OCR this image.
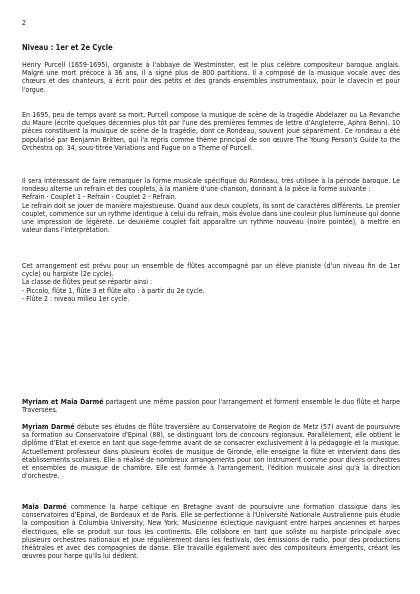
2
Niveau : 1er et 2e Cycle

Henry Purcell (1659-1695), organiste à l'abbaye de Westminster, est le plus célèbre compositeur baroque anglais. Malgré une mort précoce à 36 ans, il a signé plus de 800 partitions. Il a composé de la musique vocale avec des chœurs et des chanteurs, a écrit pour des petits et des grands ensembles instrumentaux, pour le clavecin et pour l'orgue.

En 1695, peu de temps avant sa mort, Purcell compose la musique de scène de la tragédie Abdelazer ou La Revanche du Maure (écrite quelques décennies plus tôt par l'une des premières femmes de lettre d'Angleterre, Aphra Behn). 10 pièces constituent la musique de scène de la tragédie, dont ce Rondeau, souvent joué séparément. Ce rondeau a été popularisé par Benjamin Britten, qui l'a repris comme thème principal de son œuvre The Young Person's Guide to the Orchestra op. 34, sous-titrée Variations and Fugue on a Theme of Purcell.

Il sera intéressant de faire remarquer la forme musicale spécifique du Rondeau, très utilisée à la période baroque. Le rondeau alterne un refrain et des couplets, à la manière d'une chanson, donnant à la pièce la forme suivante :
Refrain - Couplet 1 - Refrain - Couplet 2 - Refrain.
Le refrain doit se jouer de manière majestueuse. Quand aux deux couplets, ils sont de caractères différents. Le premier couplet, commence sur un rythme identique à celui du refrain, mais évolue dans une couleur plus lumineuse qui donne une impression de légèreté. Le deuxième couplet fait apparaître un rythme nouveau (noire pointée), à mettre en valeur dans l'interprétation.
Cet arrangement est prévu pour un ensemble de flûtes accompagné par un élève pianiste (d'un niveau fin de 1er cycle) ou harpiste (2e cycle).
La classe de flûtes peut se répartir ainsi :
- Piccolo, flûte 1, flûte 3 et flûte alto : à partir du 2e cycle.
- Flûte 2 : niveau milieu 1er cycle.

Myriam et Maia Darmé partagent une même passion pour l'arrangement et forment ensemble le duo flûte et harpe Traversées.

Myriam Darmé débute ses études de flûte traversière au Conservatoire de Region de Metz (57) avant de poursuivre sa formation au Conservatoire d'Epinal (88), se distinguant lors de concours régionaux. Parallèlement, elle obtient le diplôme d'Etat et exerce en tant que sage-femme avant de se consacrer exclusivement à la pédagogie et la musique. Actuellement professeur dans plusieurs écoles de musique de Gironde, elle enseigne la flûte et intervient dans des établissements scolaires. Elle a réalisé de nombreux arrangements pour son instrument comme pour divers orchestres et ensembles de musique de chambre. Elle est formée à l'arrangement, l'édition musicale ainsi qu'à la direction d'orchestre.

Maia Darmé commence la harpe celtique en Bretagne avant de poursuivre une formation classique dans les conservatoires d'Epinal, de Bordeaux et de Paris. Elle se perfectionne à l'Université Nationale Australienne puis étudie la composition à Columbia University, New York. Musicienne éclectique naviguant entre harpes anciennes et harpes électriques, elle se produit sur tous les continents. Elle collabore en tant que soliste ou harpiste principale avec plusieurs orchestres nationaux et joue régulièrement dans les festivals, des émissions de radio, pour des productions théâtrales et avec des compagnies de danse. Elle travaille également avec des compositeurs émergents, créant les œuvres pour harpe qu'ils lui dédient.
